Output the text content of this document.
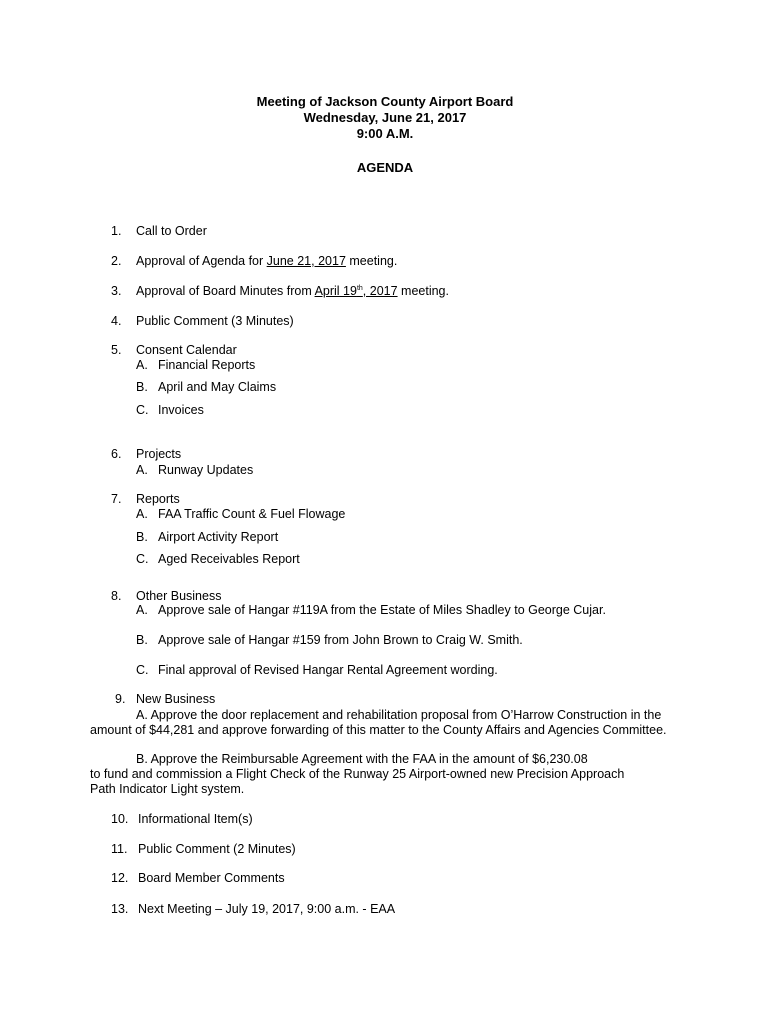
Meeting of Jackson County Airport Board
Wednesday, June 21, 2017
9:00 A.M.
AGENDA
1. Call to Order
2. Approval of Agenda for June 21, 2017 meeting.
3. Approval of Board Minutes from April 19th, 2017 meeting.
4. Public Comment (3 Minutes)
5. Consent Calendar
A. Financial Reports
B. April and May Claims
C. Invoices
6. Projects
A. Runway Updates
7. Reports
A. FAA Traffic Count & Fuel Flowage
B. Airport Activity Report
C. Aged Receivables Report
8. Other Business
A. Approve sale of Hangar #119A from the Estate of Miles Shadley to George Cujar.
B. Approve sale of Hangar #159 from John Brown to Craig W. Smith.
C. Final approval of Revised Hangar Rental Agreement wording.
9. New Business
A. Approve the door replacement and rehabilitation proposal from O’Harrow Construction in the
amount of $44,281 and approve forwarding of this matter to the County Affairs and Agencies Committee.
B. Approve the Reimbursable Agreement with the FAA in the amount of $6,230.08
to fund and commission a Flight Check of the Runway 25 Airport-owned new Precision Approach
Path Indicator Light system.
10. Informational Item(s)
11. Public Comment (2 Minutes)
12. Board Member Comments
13. Next Meeting – July 19, 2017, 9:00 a.m. - EAA
